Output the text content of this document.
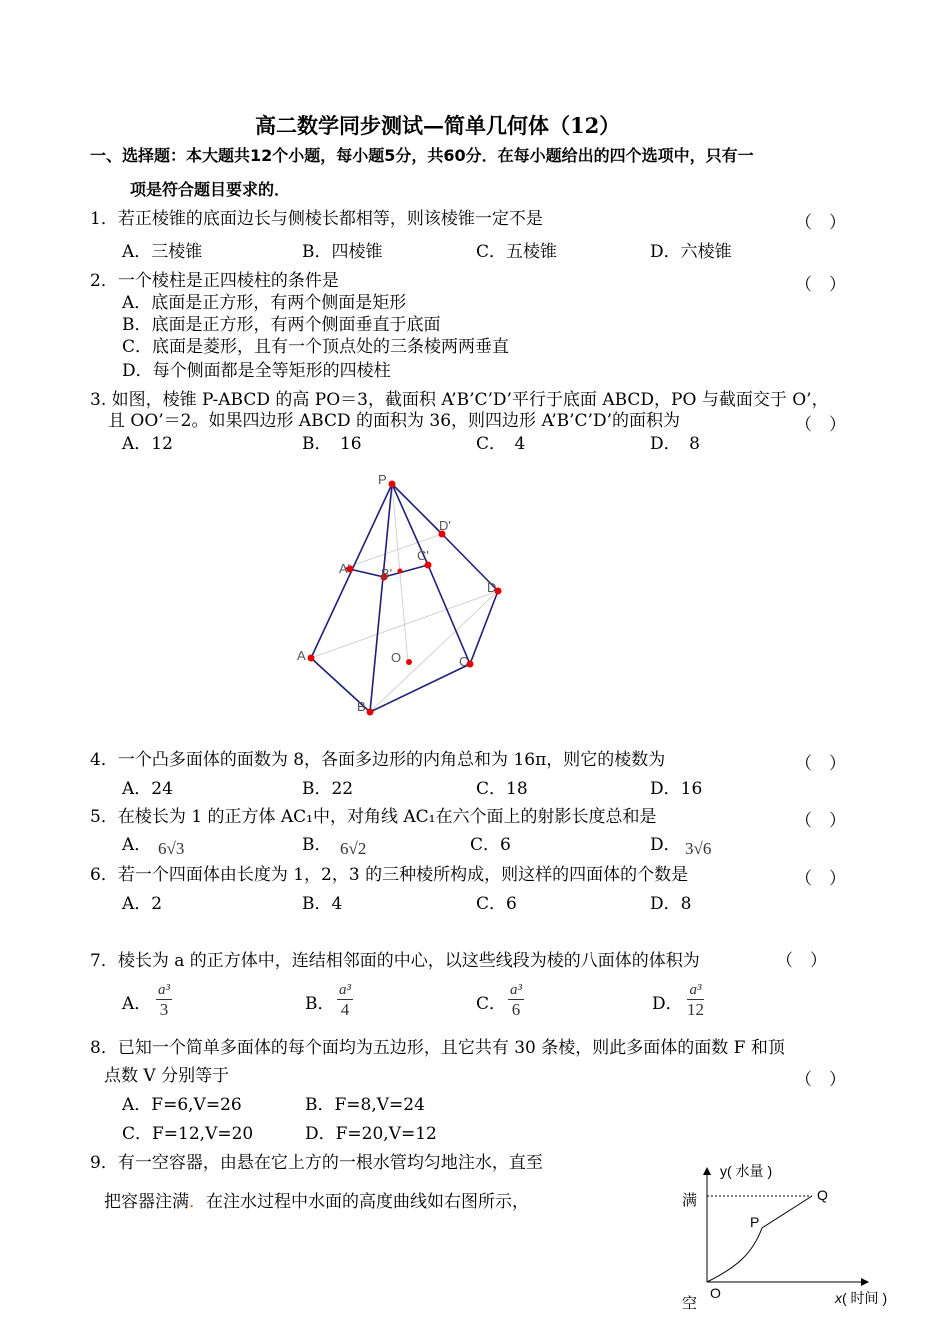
高二数学同步测试—简单几何体（12）
一、选择题：本大题共12个小题，每小题5分，共60分．在每小题给出的四个选项中，只有一
项是符合题目要求的．
1．若正棱锥的底面边长与侧棱长都相等，则该棱锥一定不是	（　）
A．三棱锥	B．四棱锥	C．五棱锥	D．六棱锥
2．一个棱柱是正四棱柱的条件是	（　）
A．底面是正方形，有两个侧面是矩形
B．底面是正方形，有两个侧面垂直于底面
C．底面是菱形，且有一个顶点处的三条棱两两垂直
D．每个侧面都是全等矩形的四棱柱
3. 如图，棱锥 P-ABCD 的高 PO＝3，截面积 A’B’C’D’平行于底面 ABCD，PO 与截面交于 O’，
且 OO’＝2。如果四边形 ABCD 的面积为 36，则四边形 A’B’C’D’的面积为	（　）
A．12	B．　16	C．　4	D．　8
P
D'
C'
A' B'
D
A	O	C
B
4．一个凸多面体的面数为 8，各面多边形的内角总和为 16π，则它的棱数为	（　）
A．24	B．22	C．18	D．16
5．在棱长为 1 的正方体 AC₁中，对角线 AC₁在六个面上的射影长度总和是	（　）
A． 6√3	B． 6√2	C．6	D． 3√6
6．若一个四面体由长度为 1，2，3 的三种棱所构成，则这样的四面体的个数是	（　）
A．2	B．4	C．6	D．8
7．棱长为 a 的正方体中，连结相邻面的中心，以这些线段为棱的八面体的体积为	（　）
A． $\frac{\text{a³}}{3}$	B． $\frac{\text{a³}}{4}$	C． $\frac{\text{a³}}{6}$	D． $\frac{\text{a³}}{12}$
8．已知一个简单多面体的每个面均为五边形，且它共有 30 条棱，则此多面体的面数 F 和顶
点数 V 分别等于	（　）
A．F=6,V=26	B．F=8,V=24
C．F=12,V=20	D．F=20,V=12
9．有一空容器，由悬在它上方的一根水管均匀地注水，直至
把容器注满．在注水过程中水面的高度曲线如右图所示，
y( 水量 )
满
P
Q
O
空	x( 时间 )
